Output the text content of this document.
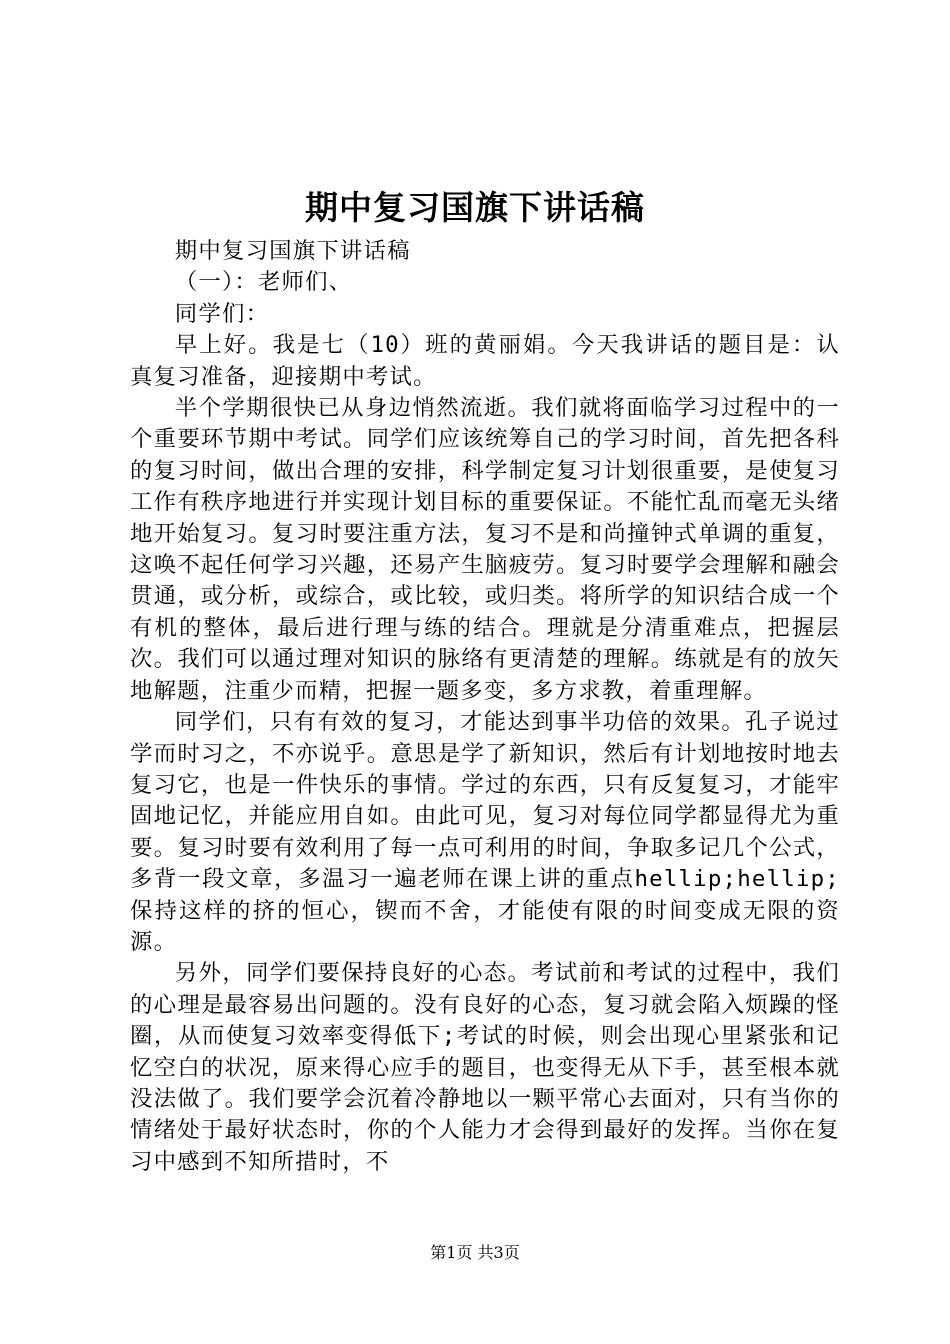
期中复习国旗下讲话稿

期中复习国旗下讲话稿

（一）：老师们、

同学们：

早上好。我是七（10）班的黄丽娟。今天我讲话的题目是：认真复习准备，迎接期中考试。

半个学期很快已从身边悄然流逝。我们就将面临学习过程中的一个重要环节期中考试。同学们应该统筹自己的学习时间，首先把各科的复习时间，做出合理的安排，科学制定复习计划很重要，是使复习工作有秩序地进行并实现计划目标的重要保证。不能忙乱而毫无头绪地开始复习。复习时要注重方法，复习不是和尚撞钟式单调的重复，这唤不起任何学习兴趣，还易产生脑疲劳。复习时要学会理解和融会贯通，或分析，或综合，或比较，或归类。将所学的知识结合成一个有机的整体，最后进行理与练的结合。理就是分清重难点，把握层次。我们可以通过理对知识的脉络有更清楚的理解。练就是有的放矢地解题，注重少而精，把握一题多变，多方求教，着重理解。

同学们，只有有效的复习，才能达到事半功倍的效果。孔子说过学而时习之，不亦说乎。意思是学了新知识，然后有计划地按时地去复习它，也是一件快乐的事情。学过的东西，只有反复复习，才能牢固地记忆，并能应用自如。由此可见，复习对每位同学都显得尤为重要。复习时要有效利用了每一点可利用的时间，争取多记几个公式，多背一段文章，多温习一遍老师在课上讲的重点hellip;hellip;保持这样的挤的恒心，锲而不舍，才能使有限的时间变成无限的资源。

另外，同学们要保持良好的心态。考试前和考试的过程中，我们的心理是最容易出问题的。没有良好的心态，复习就会陷入烦躁的怪圈，从而使复习效率变得低下;考试的时候，则会出现心里紧张和记忆空白的状况，原来得心应手的题目，也变得无从下手，甚至根本就没法做了。我们要学会沉着冷静地以一颗平常心去面对，只有当你的情绪处于最好状态时，你的个人能力才会得到最好的发挥。当你在复习中感到不知所措时，不

第1页 共3页
